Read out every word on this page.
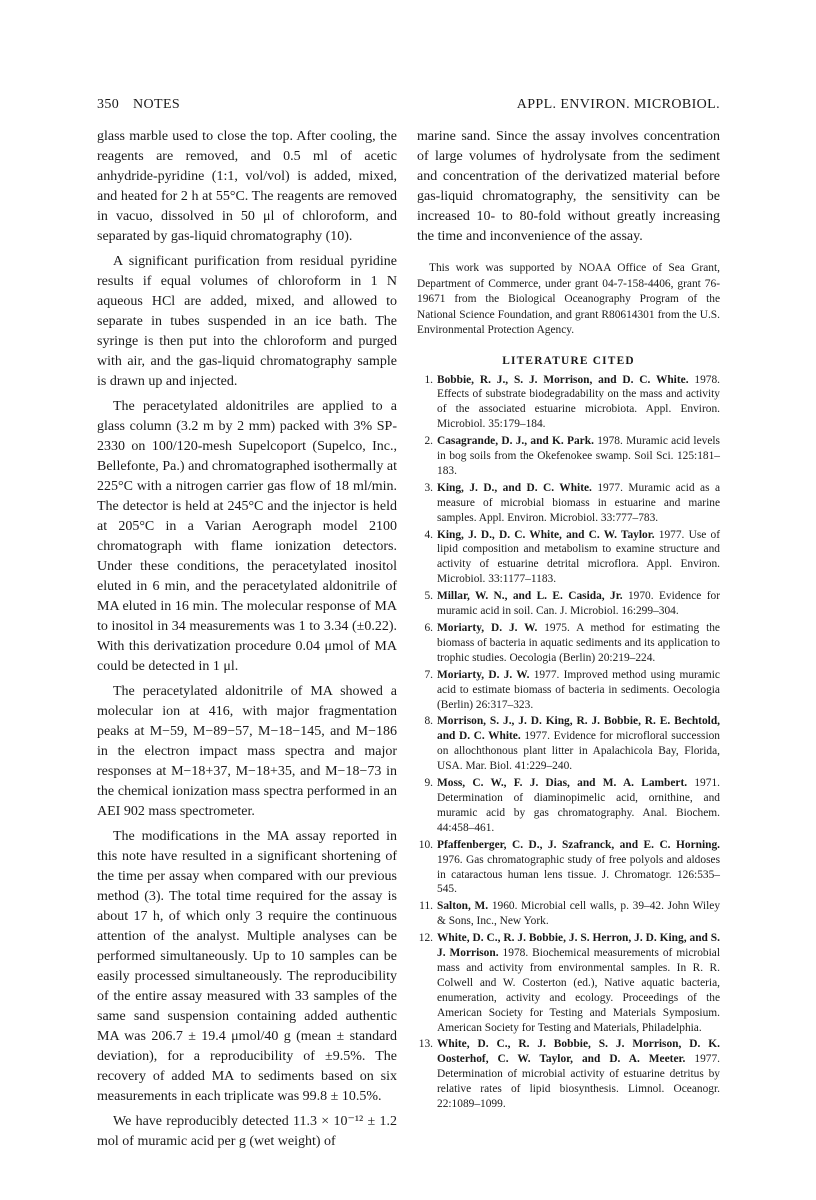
350 NOTES	APPL. ENVIRON. MICROBIOL.

glass marble used to close the top. After cooling, the reagents are removed, and 0.5 ml of acetic anhydride-pyridine (1:1, vol/vol) is added, mixed, and heated for 2 h at 55°C. The reagents are removed in vacuo, dissolved in 50 μl of chloroform, and separated by gas-liquid chromatography (10).

A significant purification from residual pyridine results if equal volumes of chloroform in 1 N aqueous HCl are added, mixed, and allowed to separate in tubes suspended in an ice bath. The syringe is then put into the chloroform and purged with air, and the gas-liquid chromatography sample is drawn up and injected.

The peracetylated aldonitriles are applied to a glass column (3.2 m by 2 mm) packed with 3% SP-2330 on 100/120-mesh Supelcoport (Supelco, Inc., Bellefonte, Pa.) and chromatographed isothermally at 225°C with a nitrogen carrier gas flow of 18 ml/min. The detector is held at 245°C and the injector is held at 205°C in a Varian Aerograph model 2100 chromatograph with flame ionization detectors. Under these conditions, the peracetylated inositol eluted in 6 min, and the peracetylated aldonitrile of MA eluted in 16 min. The molecular response of MA to inositol in 34 measurements was 1 to 3.34 (±0.22). With this derivatization procedure 0.04 μmol of MA could be detected in 1 μl.

The peracetylated aldonitrile of MA showed a molecular ion at 416, with major fragmentation peaks at M−59, M−89−57, M−18−145, and M−186 in the electron impact mass spectra and major responses at M−18+37, M−18+35, and M−18−73 in the chemical ionization mass spectra performed in an AEI 902 mass spectrometer.

The modifications in the MA assay reported in this note have resulted in a significant shortening of the time per assay when compared with our previous method (3). The total time required for the assay is about 17 h, of which only 3 require the continuous attention of the analyst. Multiple analyses can be performed simultaneously. Up to 10 samples can be easily processed simultaneously. The reproducibility of the entire assay measured with 33 samples of the same sand suspension containing added authentic MA was 206.7 ± 19.4 μmol/40 g (mean ± standard deviation), for a reproducibility of ±9.5%. The recovery of added MA to sediments based on six measurements in each triplicate was 99.8 ± 10.5%.

We have reproducibly detected 11.3 × 10⁻¹² ± 1.2 mol of muramic acid per g (wet weight) of

marine sand. Since the assay involves concentration of large volumes of hydrolysate from the sediment and concentration of the derivatized material before gas-liquid chromatography, the sensitivity can be increased 10- to 80-fold without greatly increasing the time and inconvenience of the assay.

This work was supported by NOAA Office of Sea Grant, Department of Commerce, under grant 04-7-158-4406, grant 76-19671 from the Biological Oceanography Program of the National Science Foundation, and grant R80614301 from the U.S. Environmental Protection Agency.

LITERATURE CITED
1. Bobbie, R. J., S. J. Morrison, and D. C. White. 1978. Effects of substrate biodegradability on the mass and activity of the associated estuarine microbiota. Appl. Environ. Microbiol. 35:179–184.
2. Casagrande, D. J., and K. Park. 1978. Muramic acid levels in bog soils from the Okefenokee swamp. Soil Sci. 125:181–183.
3. King, J. D., and D. C. White. 1977. Muramic acid as a measure of microbial biomass in estuarine and marine samples. Appl. Environ. Microbiol. 33:777–783.
4. King, J. D., D. C. White, and C. W. Taylor. 1977. Use of lipid composition and metabolism to examine structure and activity of estuarine detrital microflora. Appl. Environ. Microbiol. 33:1177–1183.
5. Millar, W. N., and L. E. Casida, Jr. 1970. Evidence for muramic acid in soil. Can. J. Microbiol. 16:299–304.
6. Moriarty, D. J. W. 1975. A method for estimating the biomass of bacteria in aquatic sediments and its application to trophic studies. Oecologia (Berlin) 20:219–224.
7. Moriarty, D. J. W. 1977. Improved method using muramic acid to estimate biomass of bacteria in sediments. Oecologia (Berlin) 26:317–323.
8. Morrison, S. J., J. D. King, R. J. Bobbie, R. E. Bechtold, and D. C. White. 1977. Evidence for microfloral succession on allochthonous plant litter in Apalachicola Bay, Florida, USA. Mar. Biol. 41:229–240.
9. Moss, C. W., F. J. Dias, and M. A. Lambert. 1971. Determination of diaminopimelic acid, ornithine, and muramic acid by gas chromatography. Anal. Biochem. 44:458–461.
10. Pfaffenberger, C. D., J. Szafranck, and E. C. Horning. 1976. Gas chromatographic study of free polyols and aldoses in cataractous human lens tissue. J. Chromatogr. 126:535–545.
11. Salton, M. 1960. Microbial cell walls, p. 39–42. John Wiley & Sons, Inc., New York.
12. White, D. C., R. J. Bobbie, J. S. Herron, J. D. King, and S. J. Morrison. 1978. Biochemical measurements of microbial mass and activity from environmental samples. In R. R. Colwell and W. Costerton (ed.), Native aquatic bacteria, enumeration, activity and ecology. Proceedings of the American Society for Testing and Materials Symposium. American Society for Testing and Materials, Philadelphia.
13. White, D. C., R. J. Bobbie, S. J. Morrison, D. K. Oosterhof, C. W. Taylor, and D. A. Meeter. 1977. Determination of microbial activity of estuarine detritus by relative rates of lipid biosynthesis. Limnol. Oceanogr. 22:1089–1099.
